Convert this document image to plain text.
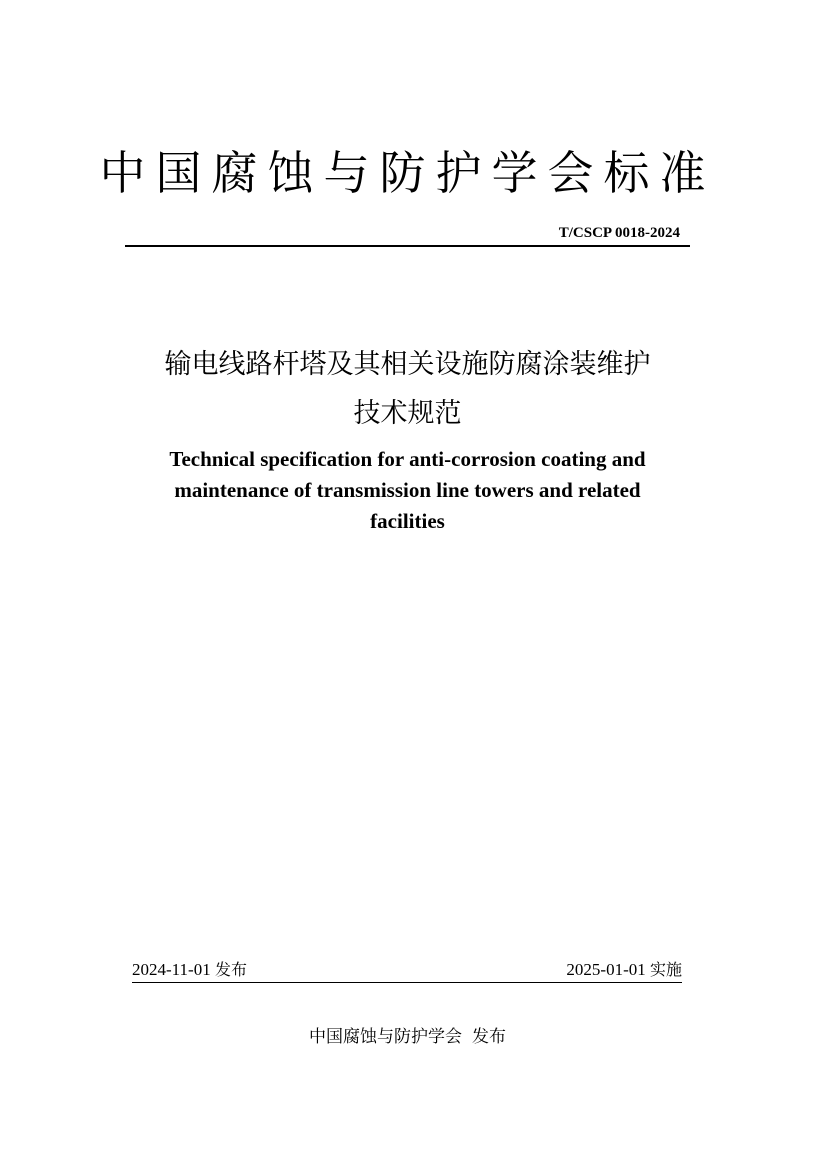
中国腐蚀与防护学会标准
T/CSCP 0018-2024
输电线路杆塔及其相关设施防腐涂装维护
技术规范
Technical specification for anti-corrosion coating and
maintenance of transmission line towers and related
facilities
2024-11-01 发布	2025-01-01 实施
中国腐蚀与防护学会 发布
